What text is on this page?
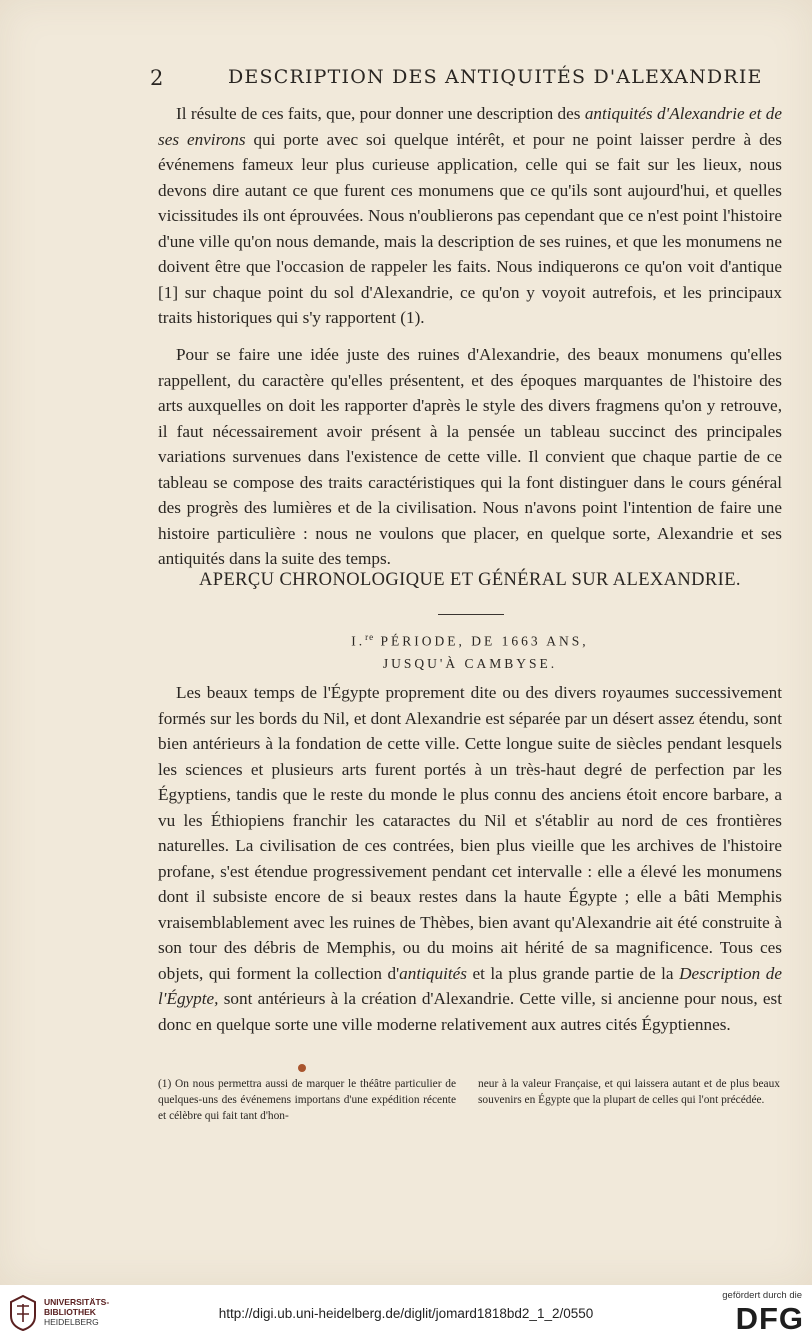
2	DESCRIPTION DES ANTIQUITÉS D'ALEXANDRIE
Il résulte de ces faits, que, pour donner une description des antiquités d'Alexandrie et de ses environs qui porte avec soi quelque intérêt, et pour ne point laisser perdre à des événemens fameux leur plus curieuse application, celle qui se fait sur les lieux, nous devons dire autant ce que furent ces monumens que ce qu'ils sont aujourd'hui, et quelles vicissitudes ils ont éprouvées. Nous n'oublierons pas cependant que ce n'est point l'histoire d'une ville qu'on nous demande, mais la description de ses ruines, et que les monumens ne doivent être que l'occasion de rappeler les faits. Nous indiquerons ce qu'on voit d'antique [1] sur chaque point du sol d'Alexandrie, ce qu'on y voyoit autrefois, et les principaux traits historiques qui s'y rapportent (1).
Pour se faire une idée juste des ruines d'Alexandrie, des beaux monumens qu'elles rappellent, du caractère qu'elles présentent, et des époques marquantes de l'histoire des arts auxquelles on doit les rapporter d'après le style des divers fragmens qu'on y retrouve, il faut nécessairement avoir présent à la pensée un tableau succinct des principales variations survenues dans l'existence de cette ville. Il convient que chaque partie de ce tableau se compose des traits caractéristiques qui la font distinguer dans le cours général des progrès des lumières et de la civilisation. Nous n'avons point l'intention de faire une histoire particulière : nous ne voulons que placer, en quelque sorte, Alexandrie et ses antiquités dans la suite des temps.
APERÇU CHRONOLOGIQUE ET GÉNÉRAL SUR ALEXANDRIE.
I.$^{re}$ PÉRIODE, DE 1663 ANS,
JUSQU'À CAMBYSE.
Les beaux temps de l'Égypte proprement dite ou des divers royaumes successivement formés sur les bords du Nil, et dont Alexandrie est séparée par un désert assez étendu, sont bien antérieurs à la fondation de cette ville. Cette longue suite de siècles pendant lesquels les sciences et plusieurs arts furent portés à un très-haut degré de perfection par les Égyptiens, tandis que le reste du monde le plus connu des anciens étoit encore barbare, a vu les Éthiopiens franchir les cataractes du Nil et s'établir au nord de ces frontières naturelles. La civilisation de ces contrées, bien plus vieille que les archives de l'histoire profane, s'est étendue progressivement pendant cet intervalle : elle a élevé les monumens dont il subsiste encore de si beaux restes dans la haute Égypte ; elle a bâti Memphis vraisemblablement avec les ruines de Thèbes, bien avant qu'Alexandrie ait été construite à son tour des débris de Memphis, ou du moins ait hérité de sa magnificence. Tous ces objets, qui forment la collection d'antiquités et la plus grande partie de la Description de l'Égypte, sont antérieurs à la création d'Alexandrie. Cette ville, si ancienne pour nous, est donc en quelque sorte une ville moderne relativement aux autres cités Égyptiennes.
(1) On nous permettra aussi de marquer le théâtre particulier de quelques-uns des événemens importans d'une expédition récente et célèbre qui fait tant d'hon-
neur à la valeur Française, et qui laissera autant et de plus beaux souvenirs en Égypte que la plupart de celles qui l'ont précédée.
UNIVERSITÄTS-
BIBLIOTHEK
HEIDELBERG
http://digi.ub.uni-heidelberg.de/diglit/jomard1818bd2_1_2/0550
gefördert durch die
DFG
